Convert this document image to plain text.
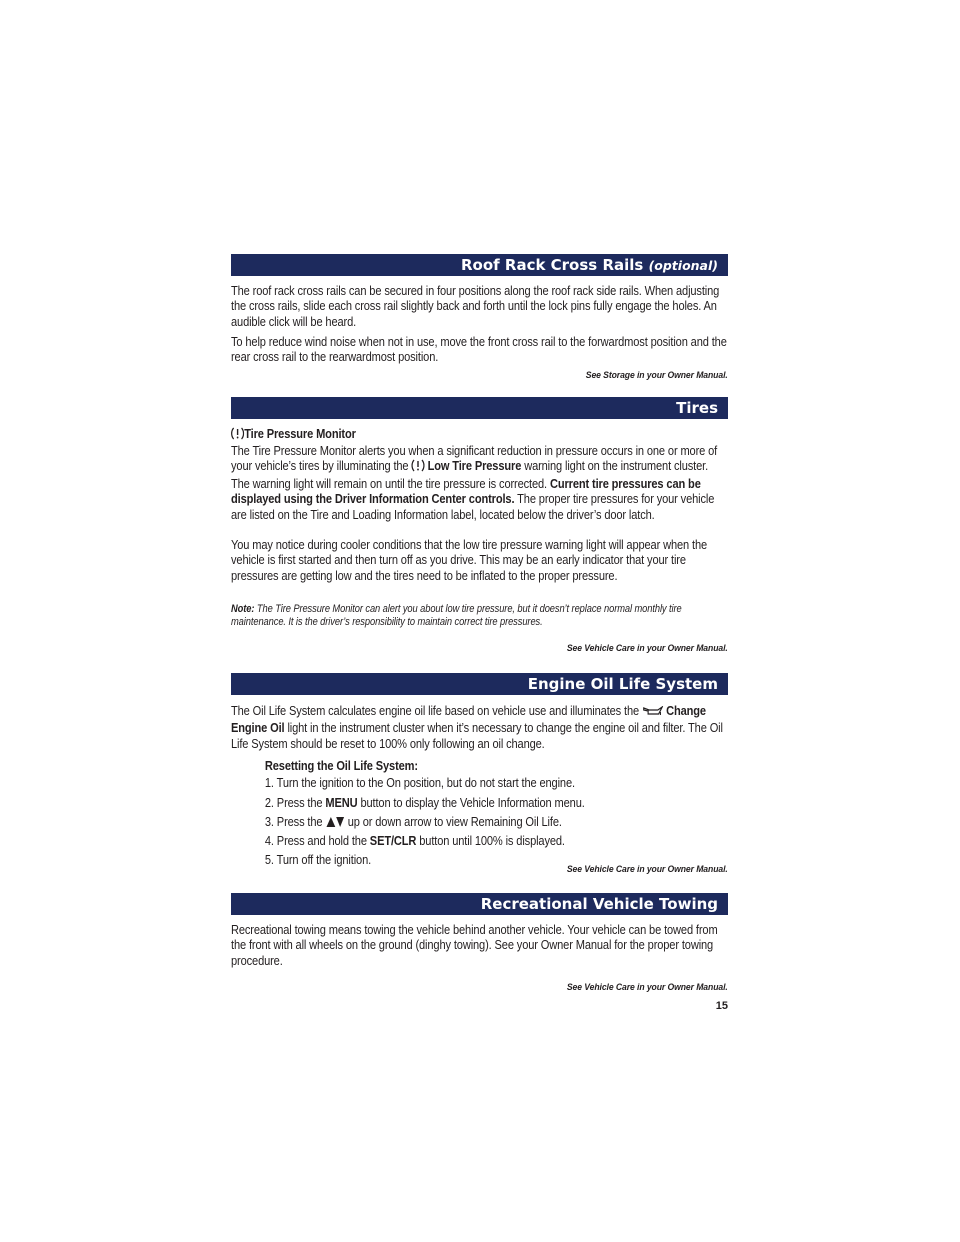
Roof Rack Cross Rails (optional)
The roof rack cross rails can be secured in four positions along the roof rack side rails. When adjusting the cross rails, slide each cross rail slightly back and forth until the lock pins fully engage the holes. An audible click will be heard.
To help reduce wind noise when not in use, move the front cross rail to the forwardmost position and the rear cross rail to the rearwardmost position.
See Storage in your Owner Manual.
Tires
Tire Pressure Monitor
The Tire Pressure Monitor alerts you when a significant reduction in pressure occurs in one or more of your vehicle’s tires by illuminating the Low Tire Pressure warning light on the instrument cluster. The warning light will remain on until the tire pressure is corrected. Current tire pressures can be displayed using the Driver Information Center controls. The proper tire pressures for your vehicle are listed on the Tire and Loading Information label, located below the driver’s door latch.
You may notice during cooler conditions that the low tire pressure warning light will appear when the vehicle is first started and then turn off as you drive. This may be an early indicator that your tire pressures are getting low and the tires need to be inflated to the proper pressure.
Note: The Tire Pressure Monitor can alert you about low tire pressure, but it doesn’t replace normal monthly tire maintenance. It is the driver’s responsibility to maintain correct tire pressures.
See Vehicle Care in your Owner Manual.
Engine Oil Life System
The Oil Life System calculates engine oil life based on vehicle use and illuminates the Change Engine Oil light in the instrument cluster when it’s necessary to change the engine oil and filter. The Oil Life System should be reset to 100% only following an oil change.
Resetting the Oil Life System:
1. Turn the ignition to the On position, but do not start the engine.
2. Press the MENU button to display the Vehicle Information menu.
3. Press the up or down arrow to view Remaining Oil Life.
4. Press and hold the SET/CLR button until 100% is displayed.
5. Turn off the ignition.
See Vehicle Care in your Owner Manual.
Recreational Vehicle Towing
Recreational towing means towing the vehicle behind another vehicle. Your vehicle can be towed from the front with all wheels on the ground (dinghy towing). See your Owner Manual for the proper towing procedure.
See Vehicle Care in your Owner Manual.
15
